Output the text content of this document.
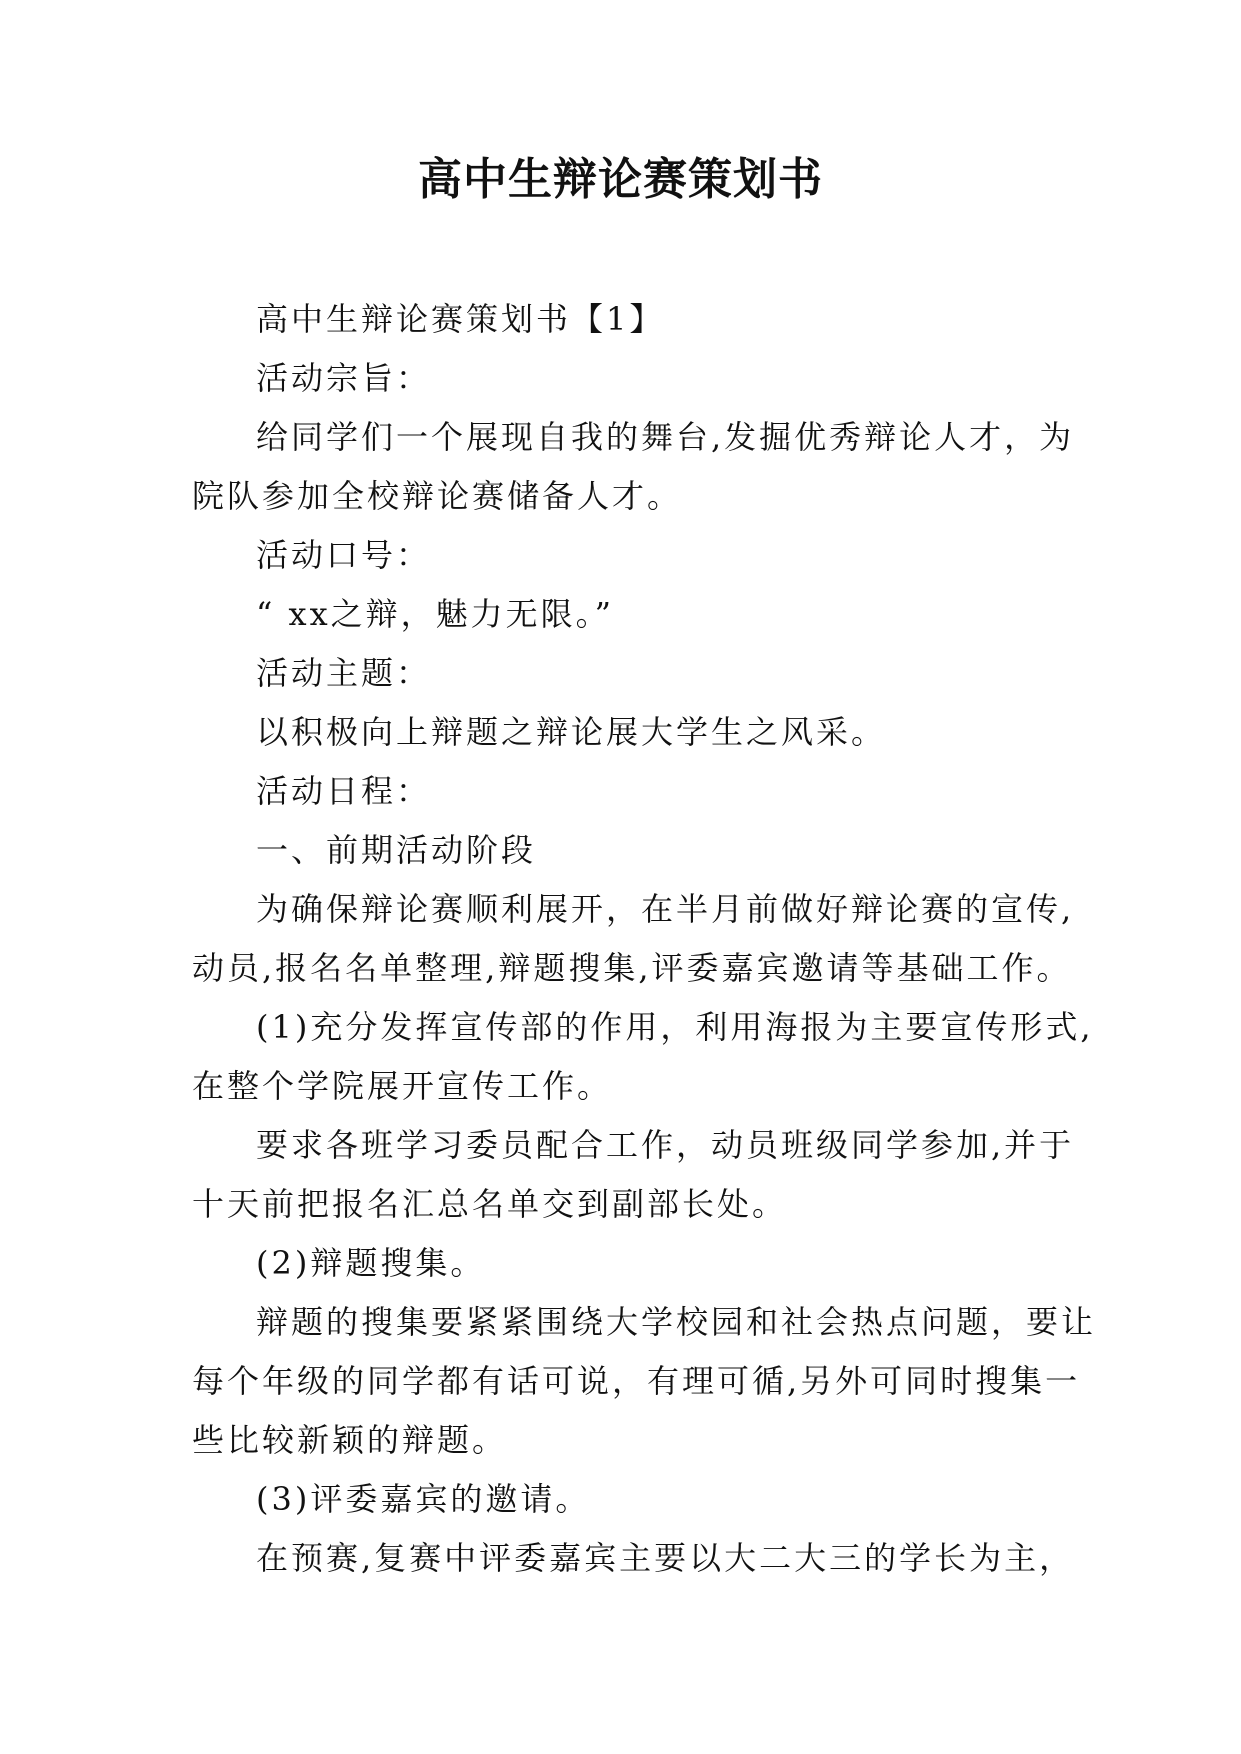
高中生辩论赛策划书

高中生辩论赛策划书【1】

活动宗旨：

给同学们一个展现自我的舞台,发掘优秀辩论人才，为

院队参加全校辩论赛储备人才。

活动口号：

“ xx之辩，魅力无限。”

活动主题：

以积极向上辩题之辩论展大学生之风采。

活动日程：

一、前期活动阶段

为确保辩论赛顺利展开，在半月前做好辩论赛的宣传,

动员,报名名单整理,辩题搜集,评委嘉宾邀请等基础工作。

(1)充分发挥宣传部的作用，利用海报为主要宣传形式,

在整个学院展开宣传工作。

要求各班学习委员配合工作，动员班级同学参加,并于

十天前把报名汇总名单交到副部长处。

(2)辩题搜集。

辩题的搜集要紧紧围绕大学校园和社会热点问题，要让

每个年级的同学都有话可说，有理可循,另外可同时搜集一

些比较新颖的辩题。

(3)评委嘉宾的邀请。

在预赛,复赛中评委嘉宾主要以大二大三的学长为主，
